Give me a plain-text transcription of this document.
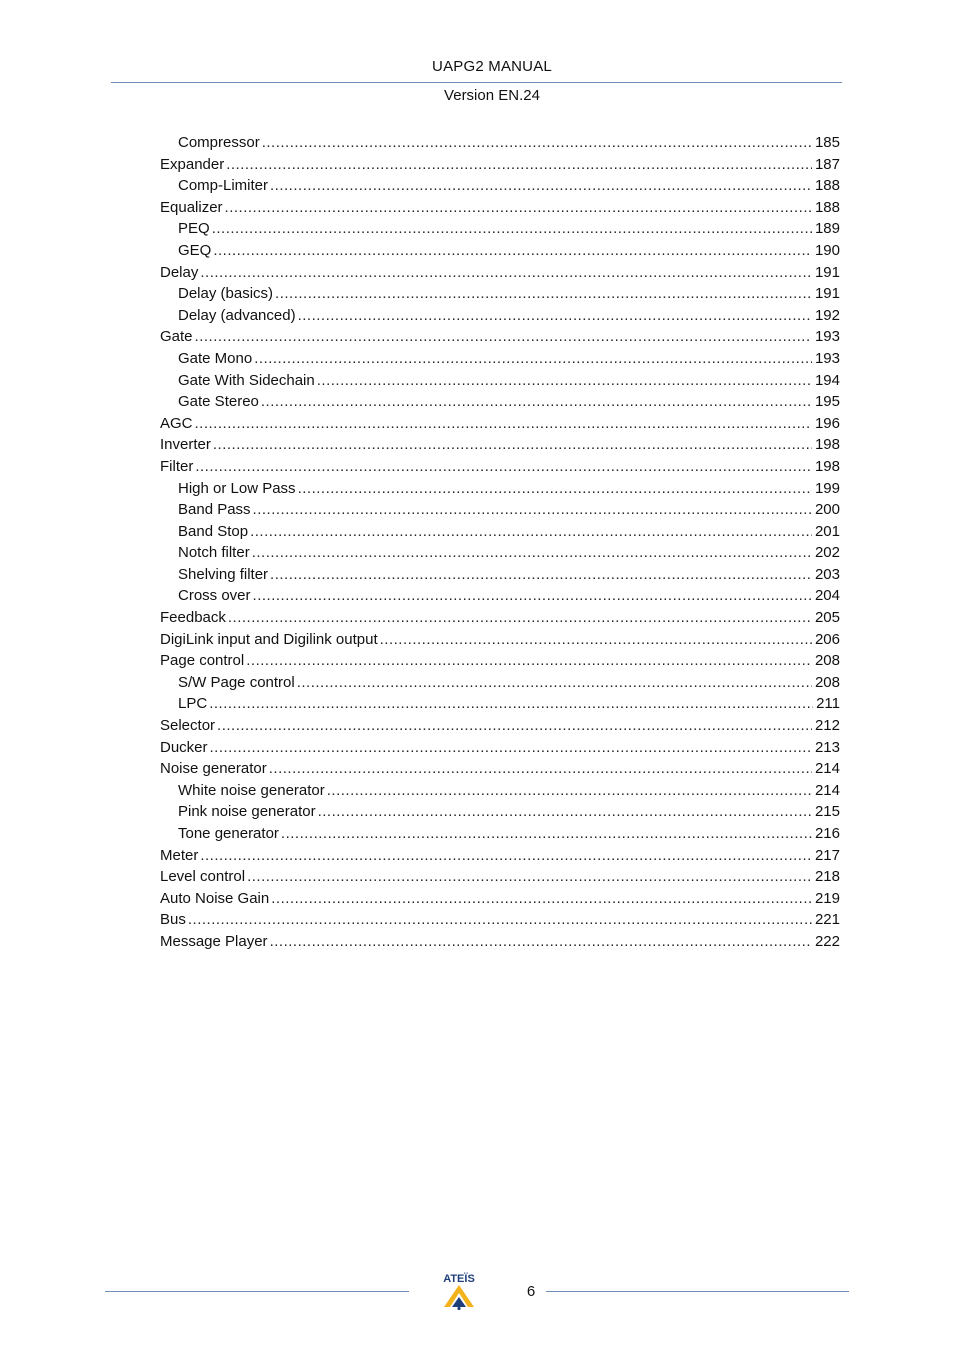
UAPG2 MANUAL
Version EN.24
Compressor .....	185
Expander .....	187
Comp-Limiter .....	188
Equalizer .....	188
PEQ .....	189
GEQ .....	190
Delay .....	191
Delay (basics) .....	191
Delay (advanced) .....	192
Gate .....	193
Gate Mono .....	193
Gate With Sidechain .....	194
Gate Stereo .....	195
AGC .....	196
Inverter .....	198
Filter .....	198
High or Low Pass .....	199
Band Pass .....	200
Band Stop .....	201
Notch filter .....	202
Shelving filter .....	203
Cross over .....	204
Feedback .....	205
DigiLink input and Digilink output .....	206
Page control .....	208
S/W Page control .....	208
LPC .....	211
Selector .....	212
Ducker .....	213
Noise generator .....	214
White noise generator .....	214
Pink noise generator .....	215
Tone generator .....	216
Meter .....	217
Level control .....	218
Auto Noise Gain .....	219
Bus .....	221
Message Player .....	222
ATEÏS
6
